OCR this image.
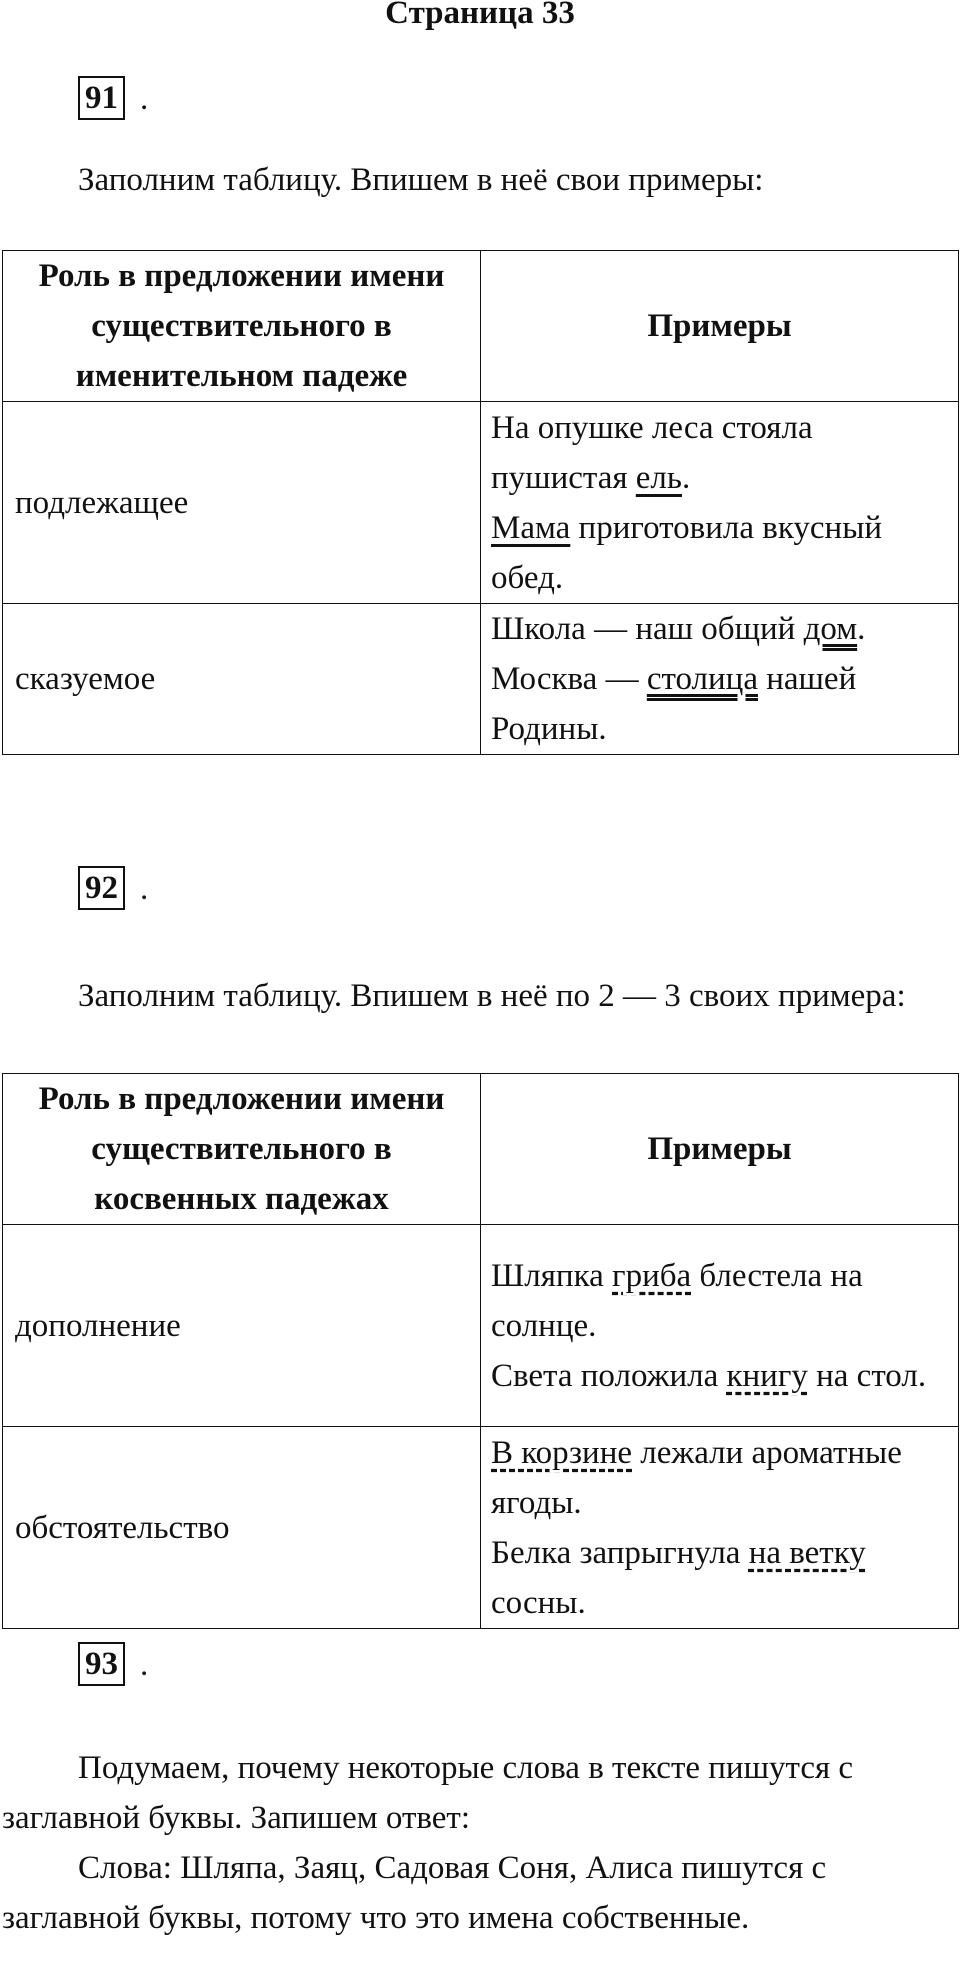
Страница 33
91 .

Заполним таблицу. Впишем в неё свои примеры:

Роль в предложении имени существительного в именительном падеже	Примеры
подлежащее	На опушке леса стояла пушистая ель.
Мама приготовила вкусный обед.
сказуемое	Школа — наш общий дом.
Москва — столица нашей Родины.
92 .

Заполним таблицу. Впишем в неё по 2 — 3 своих примера:

Роль в предложении имени существительного в косвенных падежах	Примеры
дополнение	Шляпка гриба блестела на солнце.
Света положила книгу на стол.
обстоятельство	В корзине лежали ароматные ягоды.
Белка запрыгнула на ветку сосны.
93 .

Подумаем, почему некоторые слова в тексте пишутся с заглавной буквы. Запишем ответ:

Слова: Шляпа, Заяц, Садовая Соня, Алиса пишутся с заглавной буквы, потому что это имена собственные.
